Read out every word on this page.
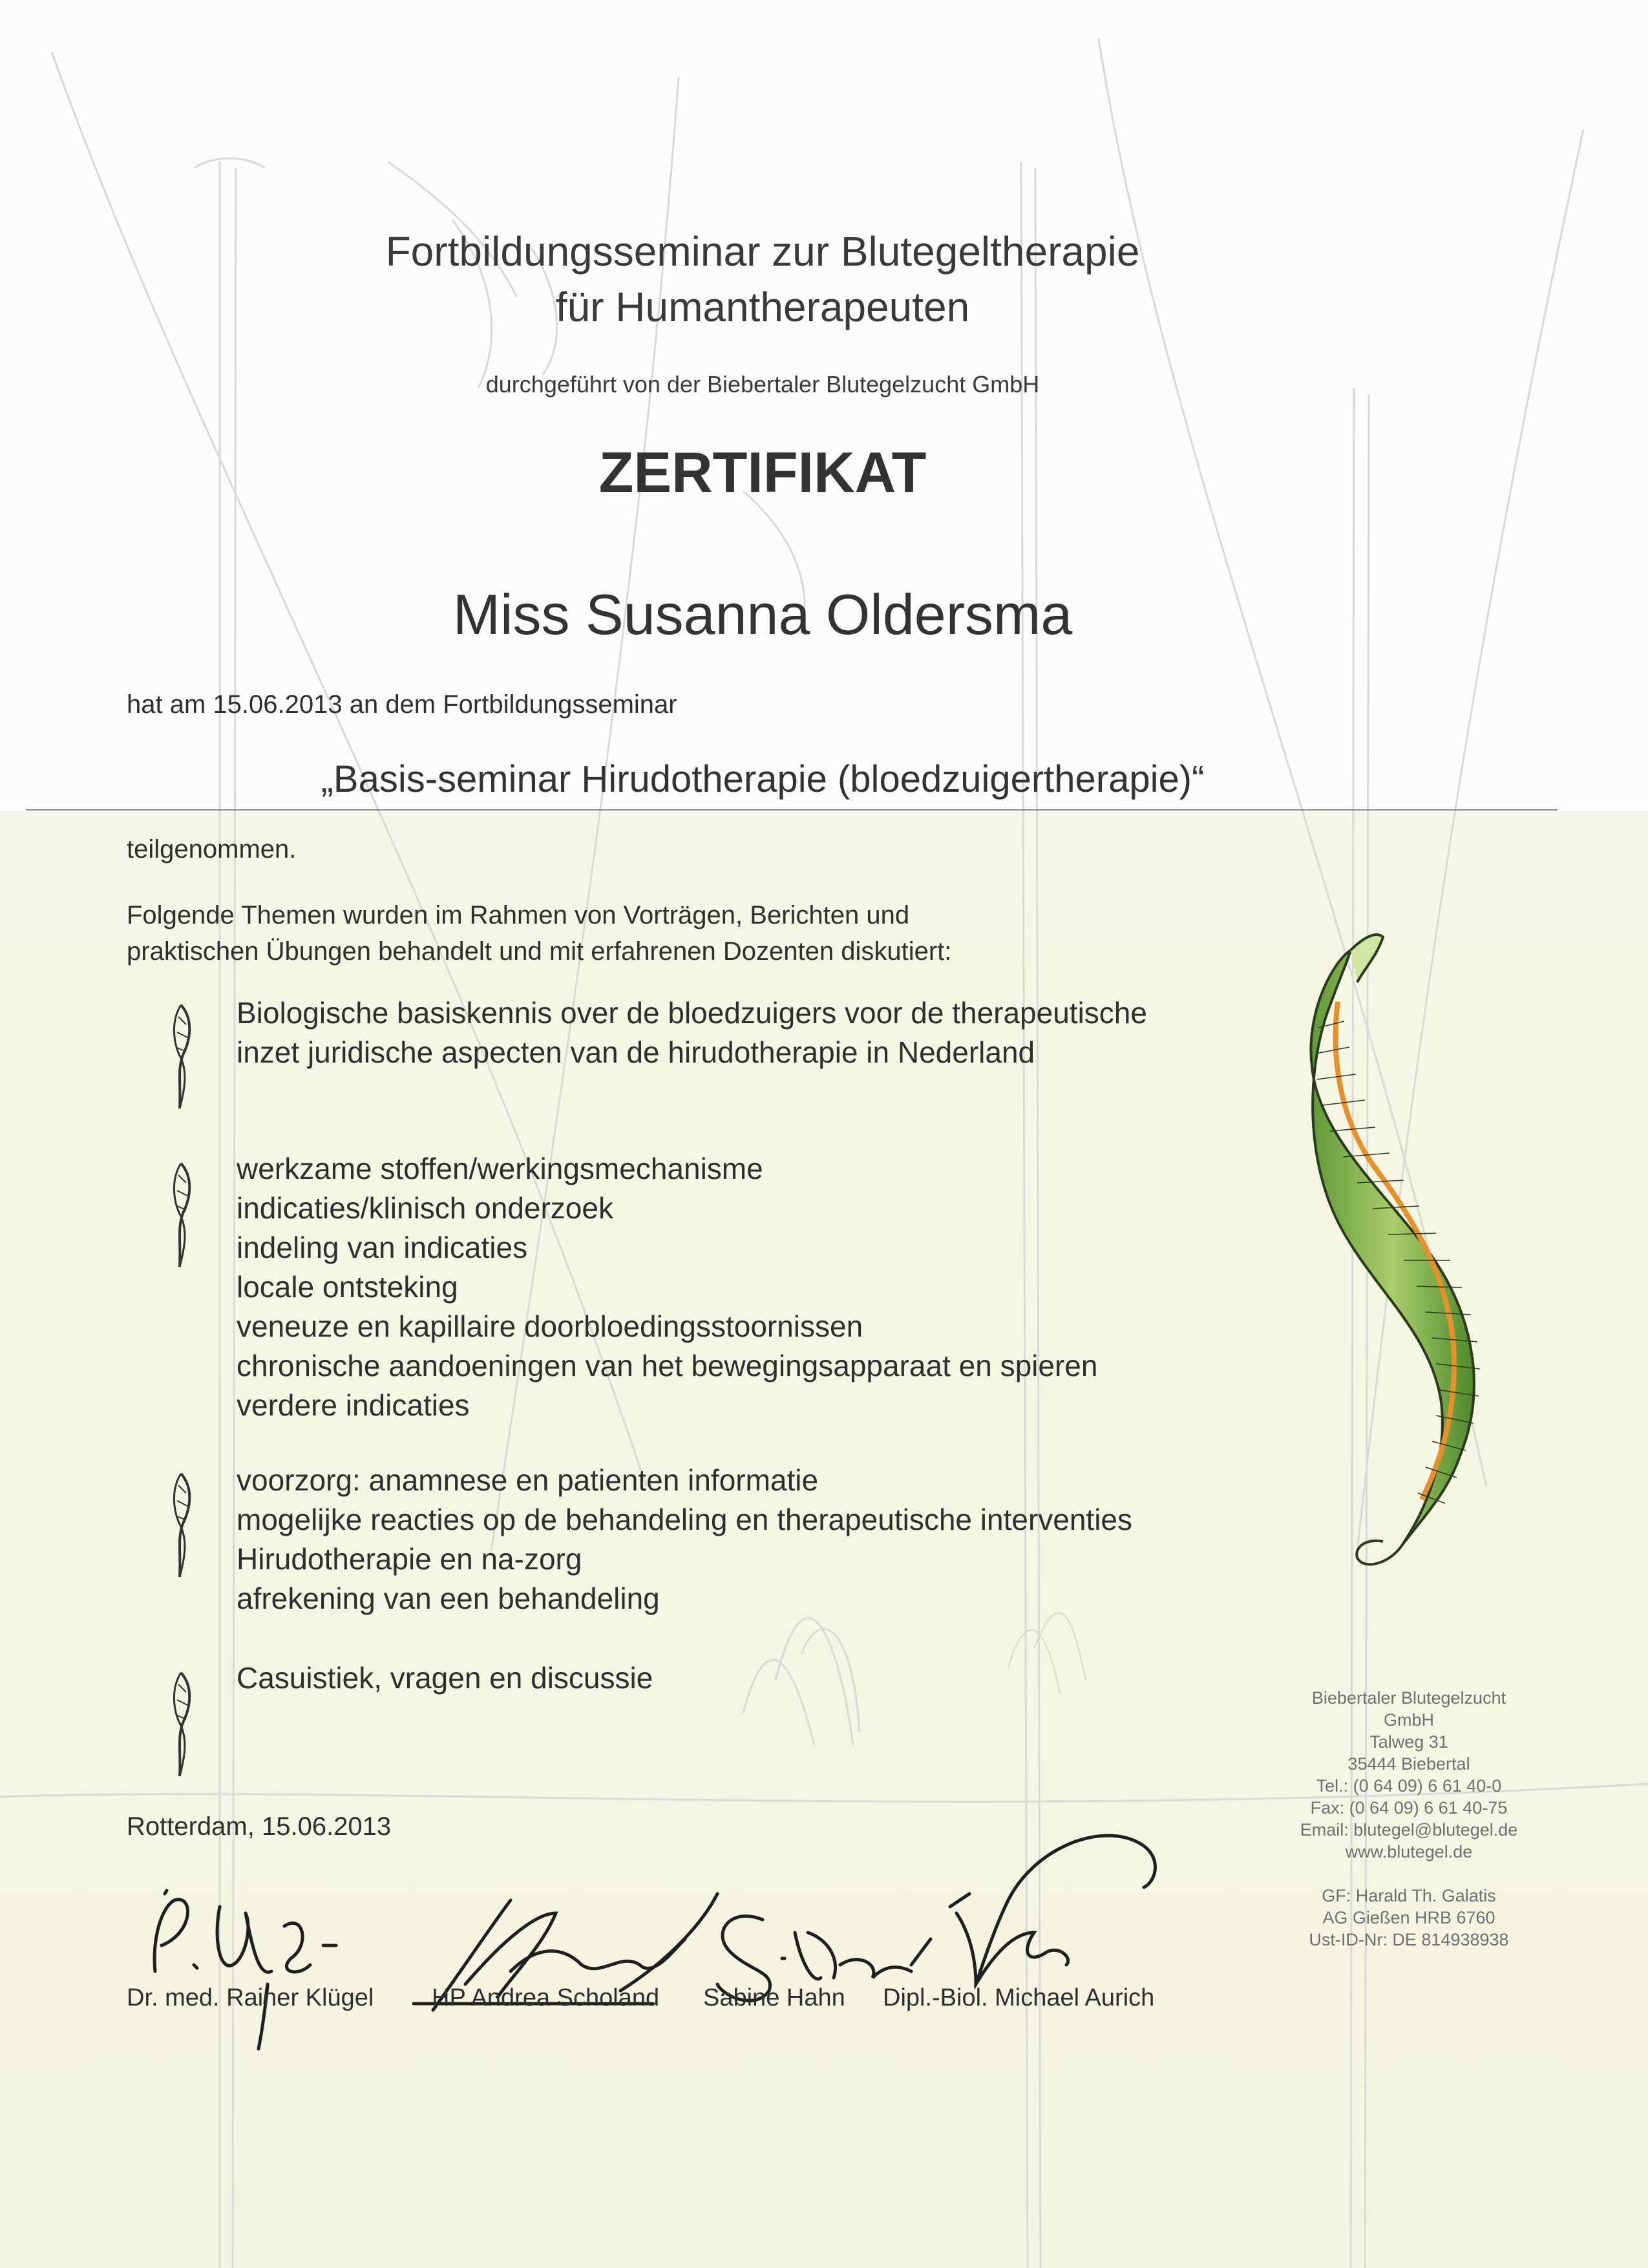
Fortbildungsseminar zur Blutegeltherapie
für Humantherapeuten
durchgeführt von der Biebertaler Blutegelzucht GmbH
ZERTIFIKAT
Miss Susanna Oldersma
hat am 15.06.2013 an dem Fortbildungsseminar
„Basis-seminar Hirudotherapie (bloedzuigertherapie)“
teilgenommen.
Folgende Themen wurden im Rahmen von Vorträgen, Berichten und
praktischen Übungen behandelt und mit erfahrenen Dozenten diskutiert:
Biologische basiskennis over de bloedzuigers voor de therapeutische
inzet juridische aspecten van de hirudotherapie in Nederland
werkzame stoffen/werkingsmechanisme
indicaties/klinisch onderzoek
indeling van indicaties
locale ontsteking
veneuze en kapillaire doorbloedingsstoornissen
chronische aandoeningen van het bewegingsapparaat en spieren
verdere indicaties
voorzorg: anamnese en patienten informatie
mogelijke reacties op de behandeling en therapeutische interventies
Hirudotherapie en na-zorg
afrekening van een behandeling
Casuistiek, vragen en discussie
Biebertaler Blutegelzucht
GmbH
Talweg 31
35444 Biebertal
Tel.: (0 64 09) 6 61 40-0
Fax: (0 64 09) 6 61 40-75
Email: blutegel@blutegel.de
www.blutegel.de
GF: Harald Th. Galatis
AG Gießen HRB 6760
Ust-ID-Nr: DE 814938938
Rotterdam, 15.06.2013
Dr. med. Rainer Klügel HP Andrea Scholand Sabine Hahn Dipl.-Biol. Michael Aurich
